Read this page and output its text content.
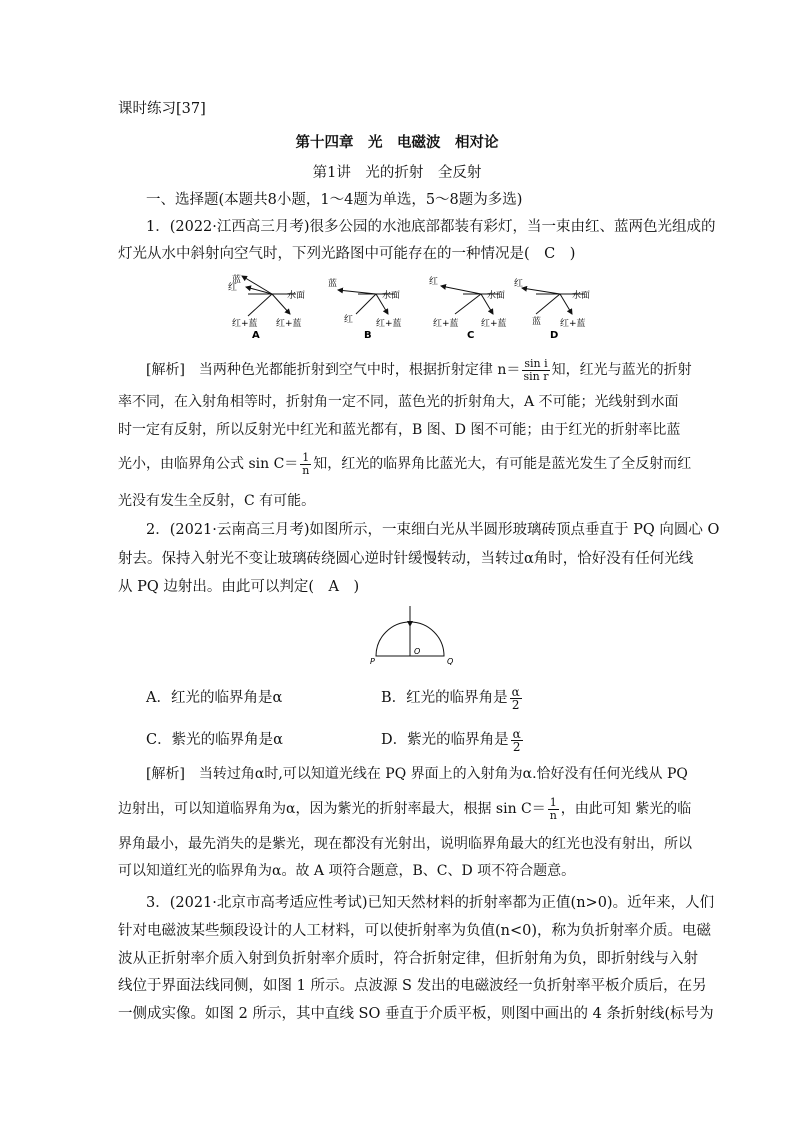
课时练习[37]
第十四章　光　电磁波　相对论
第1讲　光的折射　全反射
一、选择题(本题共8小题，1～4题为单选，5～8题为多选)
1．(2022·江西高三月考)很多公园的水池底部都装有彩灯，当一束由红、蓝两色光组成的
灯光从水中斜射向空气时，下列光路图中可能存在的一种情况是(　C　)
蓝
红
水面
红+蓝 红+蓝
A
蓝
水面
红	红+蓝
B
红
水面
红+蓝 红+蓝
C
红
水面
蓝 红+蓝
D
[解析]　当两种色光都能折射到空气中时，根据折射定律 $n= \frac{\text{sin i}}{\text{sin r}}$ 知，红光与蓝光的折射
率不同，在入射角相等时，折射角一定不同，蓝色光的折射角大，A 不可能；光线射到水面
时一定有反射，所以反射光中红光和蓝光都有，B 图、D 图不可能；由于红光的折射率比蓝
光小，由临界角公式 $\sin C= \frac{1}{n}$ 知，红光的临界角比蓝光大，有可能是蓝光发生了全反射而红
光没有发生全反射，C 有可能。
2．(2021·云南高三月考)如图所示，一束细白光从半圆形玻璃砖顶点垂直于 PQ 向圆心 O
射去。保持入射光不变让玻璃砖绕圆心逆时针缓慢转动，当转过α角时，恰好没有任何光线
从 PQ 边射出。由此可以判定(　A　)
P
O
Q
A．红光的临界角是α	B．红光的临界角是 $\frac{\alpha}{2}$
C．紫光的临界角是α	D．紫光的临界角是 $\frac{\alpha}{2}$
[解析]　当转过角α时,可以知道光线在 PQ 界面上的入射角为α.恰好没有任何光线从 PQ
边射出，可以知道临界角为α，因为紫光的折射率最大，根据 $\sin C= \frac{1}{n}$ ，由此可知 紫光的临
界角最小，最先消失的是紫光，现在都没有光射出，说明临界角最大的红光也没有射出，所以
可以知道红光的临界角为α。故 A 项符合题意，B、C、D 项不符合题意。
3．(2021·北京市高考适应性考试)已知天然材料的折射率都为正值(n>0)。近年来，人们
针对电磁波某些频段设计的人工材料，可以使折射率为负值(n<0)，称为负折射率介质。电磁
波从正折射率介质入射到负折射率介质时，符合折射定律，但折射角为负，即折射线与入射
线位于界面法线同侧，如图 1 所示。点波源 S 发出的电磁波经一负折射率平板介质后，在另
一侧成实像。如图 2 所示，其中直线 SO 垂直于介质平板，则图中画出的 4 条折射线(标号为
